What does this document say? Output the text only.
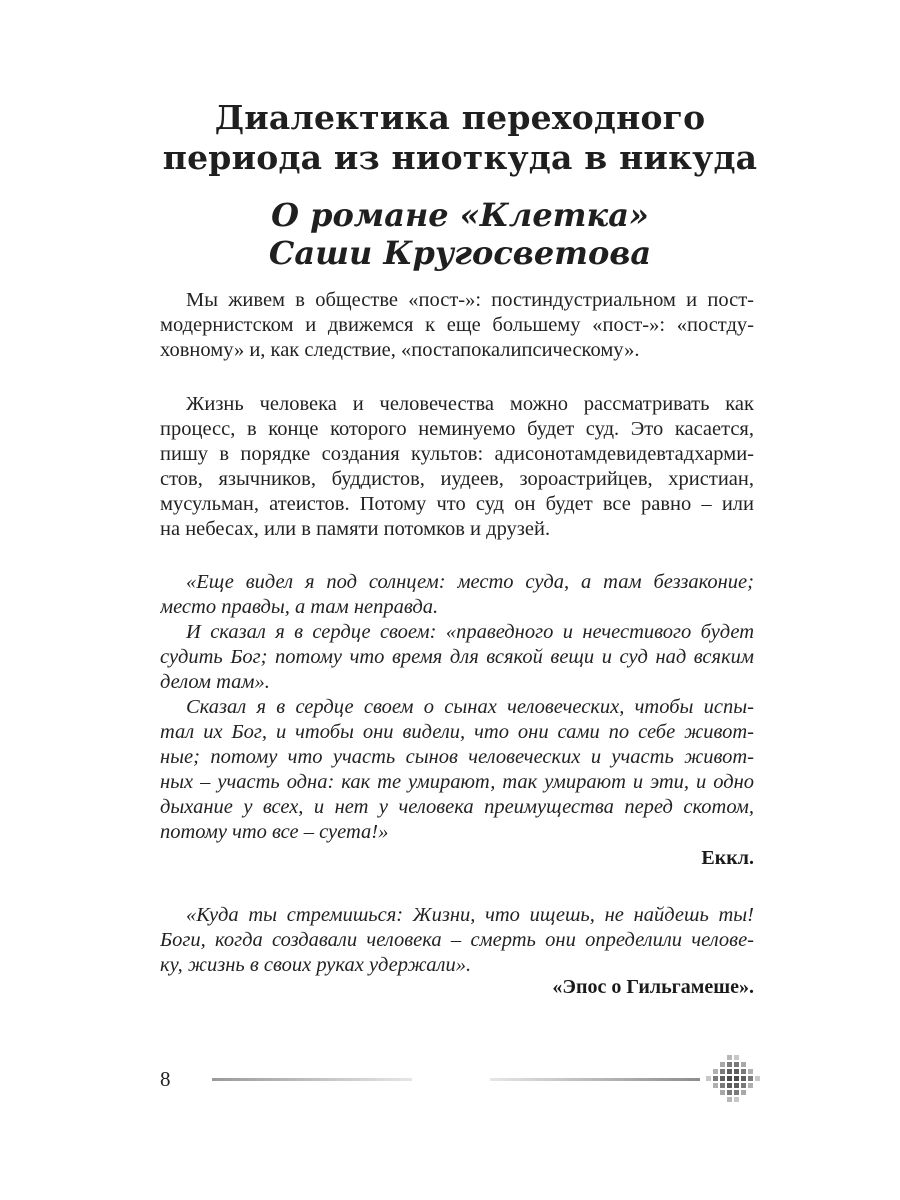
Диалектика переходного
периода из ниоткуда в никуда
О романе «Клетка»
Саши Кругосветова

Мы живем в обществе «пост-»: постиндустриальном и пост-
модернистском и движемся к еще большему «пост-»: «постду-
ховному» и, как следствие, «постапокалипсическому».

Жизнь человека и человечества можно рассматривать как
процесс, в конце которого неминуемо будет суд. Это касается,
пишу в порядке создания культов: адисонотамдевидевтадхарми-
стов, язычников, буддистов, иудеев, зороастрийцев, христиан,
мусульман, атеистов. Потому что суд он будет все равно – или
на небесах, или в памяти потомков и друзей.

«Еще видел я под солнцем: место суда, а там беззаконие;
место правды, а там неправда.
И сказал я в сердце своем: «праведного и нечестивого будет
судить Бог; потому что время для всякой вещи и суд над всяким
делом там».
Сказал я в сердце своем о сынах человеческих, чтобы испы-
тал их Бог, и чтобы они видели, что они сами по себе живот-
ные; потому что участь сынов человеческих и участь живот-
ных – участь одна: как те умирают, так умирают и эти, и одно
дыхание у всех, и нет у человека преимущества перед скотом,
потому что все – суета!»

Еккл.

«Куда ты стремишься: Жизни, что ищешь, не найдешь ты!
Боги, когда создавали человека – смерть они определили челове-
ку, жизнь в своих руках удержали».

«Эпос о Гильгамеше».
8
